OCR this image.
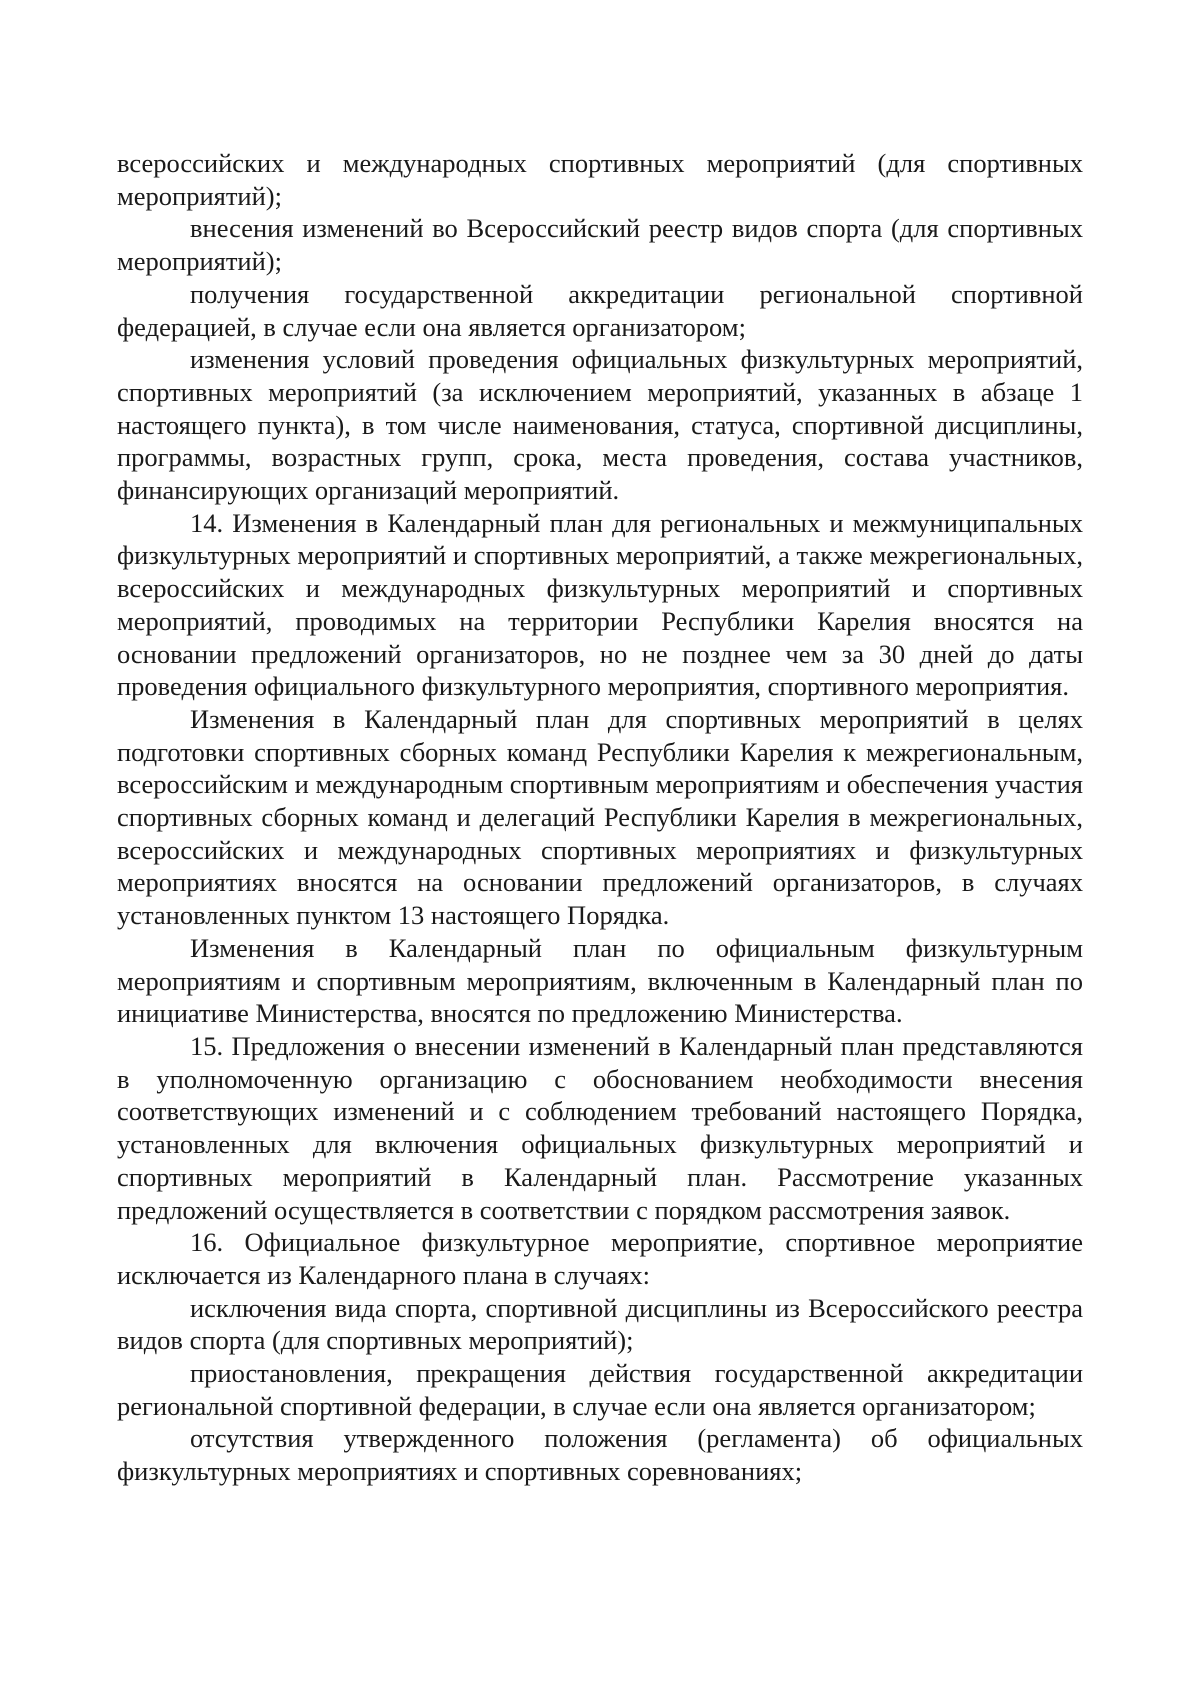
всероссийских и международных спортивных мероприятий (для спортивных мероприятий);

внесения изменений во Всероссийский реестр видов спорта (для спортивных мероприятий);

получения государственной аккредитации региональной спортивной федерацией, в случае если она является организатором;

изменения условий проведения официальных физкультурных мероприятий, спортивных мероприятий (за исключением мероприятий, указанных в абзаце 1 настоящего пункта), в том числе наименования, статуса, спортивной дисциплины, программы, возрастных групп, срока, места проведения, состава участников, финансирующих организаций мероприятий.

14. Изменения в Календарный план для региональных и межмуниципальных физкультурных мероприятий и спортивных мероприятий, а также межрегиональных, всероссийских и международных физкультурных мероприятий и спортивных мероприятий, проводимых на территории Республики Карелия вносятся на основании предложений организаторов, но не позднее чем за 30 дней до даты проведения официального физкультурного мероприятия, спортивного мероприятия.

Изменения в Календарный план для спортивных мероприятий в целях подготовки спортивных сборных команд Республики Карелия к межрегиональным, всероссийским и международным спортивным мероприятиям и обеспечения участия спортивных сборных команд и делегаций Республики Карелия в межрегиональных, всероссийских и международных спортивных мероприятиях и физкультурных мероприятиях вносятся на основании предложений организаторов, в случаях установленных пунктом 13 настоящего Порядка.

Изменения в Календарный план по официальным физкультурным мероприятиям и спортивным мероприятиям, включенным в Календарный план по инициативе Министерства, вносятся по предложению Министерства.

15. Предложения о внесении изменений в Календарный план представляются в уполномоченную организацию с обоснованием необходимости внесения соответствующих изменений и с соблюдением требований настоящего Порядка, установленных для включения официальных физкультурных мероприятий и спортивных мероприятий в Календарный план. Рассмотрение указанных предложений осуществляется в соответствии с порядком рассмотрения заявок.

16. Официальное физкультурное мероприятие, спортивное мероприятие исключается из Календарного плана в случаях:

исключения вида спорта, спортивной дисциплины из Всероссийского реестра видов спорта (для спортивных мероприятий);

приостановления, прекращения действия государственной аккредитации региональной спортивной федерации, в случае если она является организатором;

отсутствия утвержденного положения (регламента) об официальных физкультурных мероприятиях и спортивных соревнованиях;
